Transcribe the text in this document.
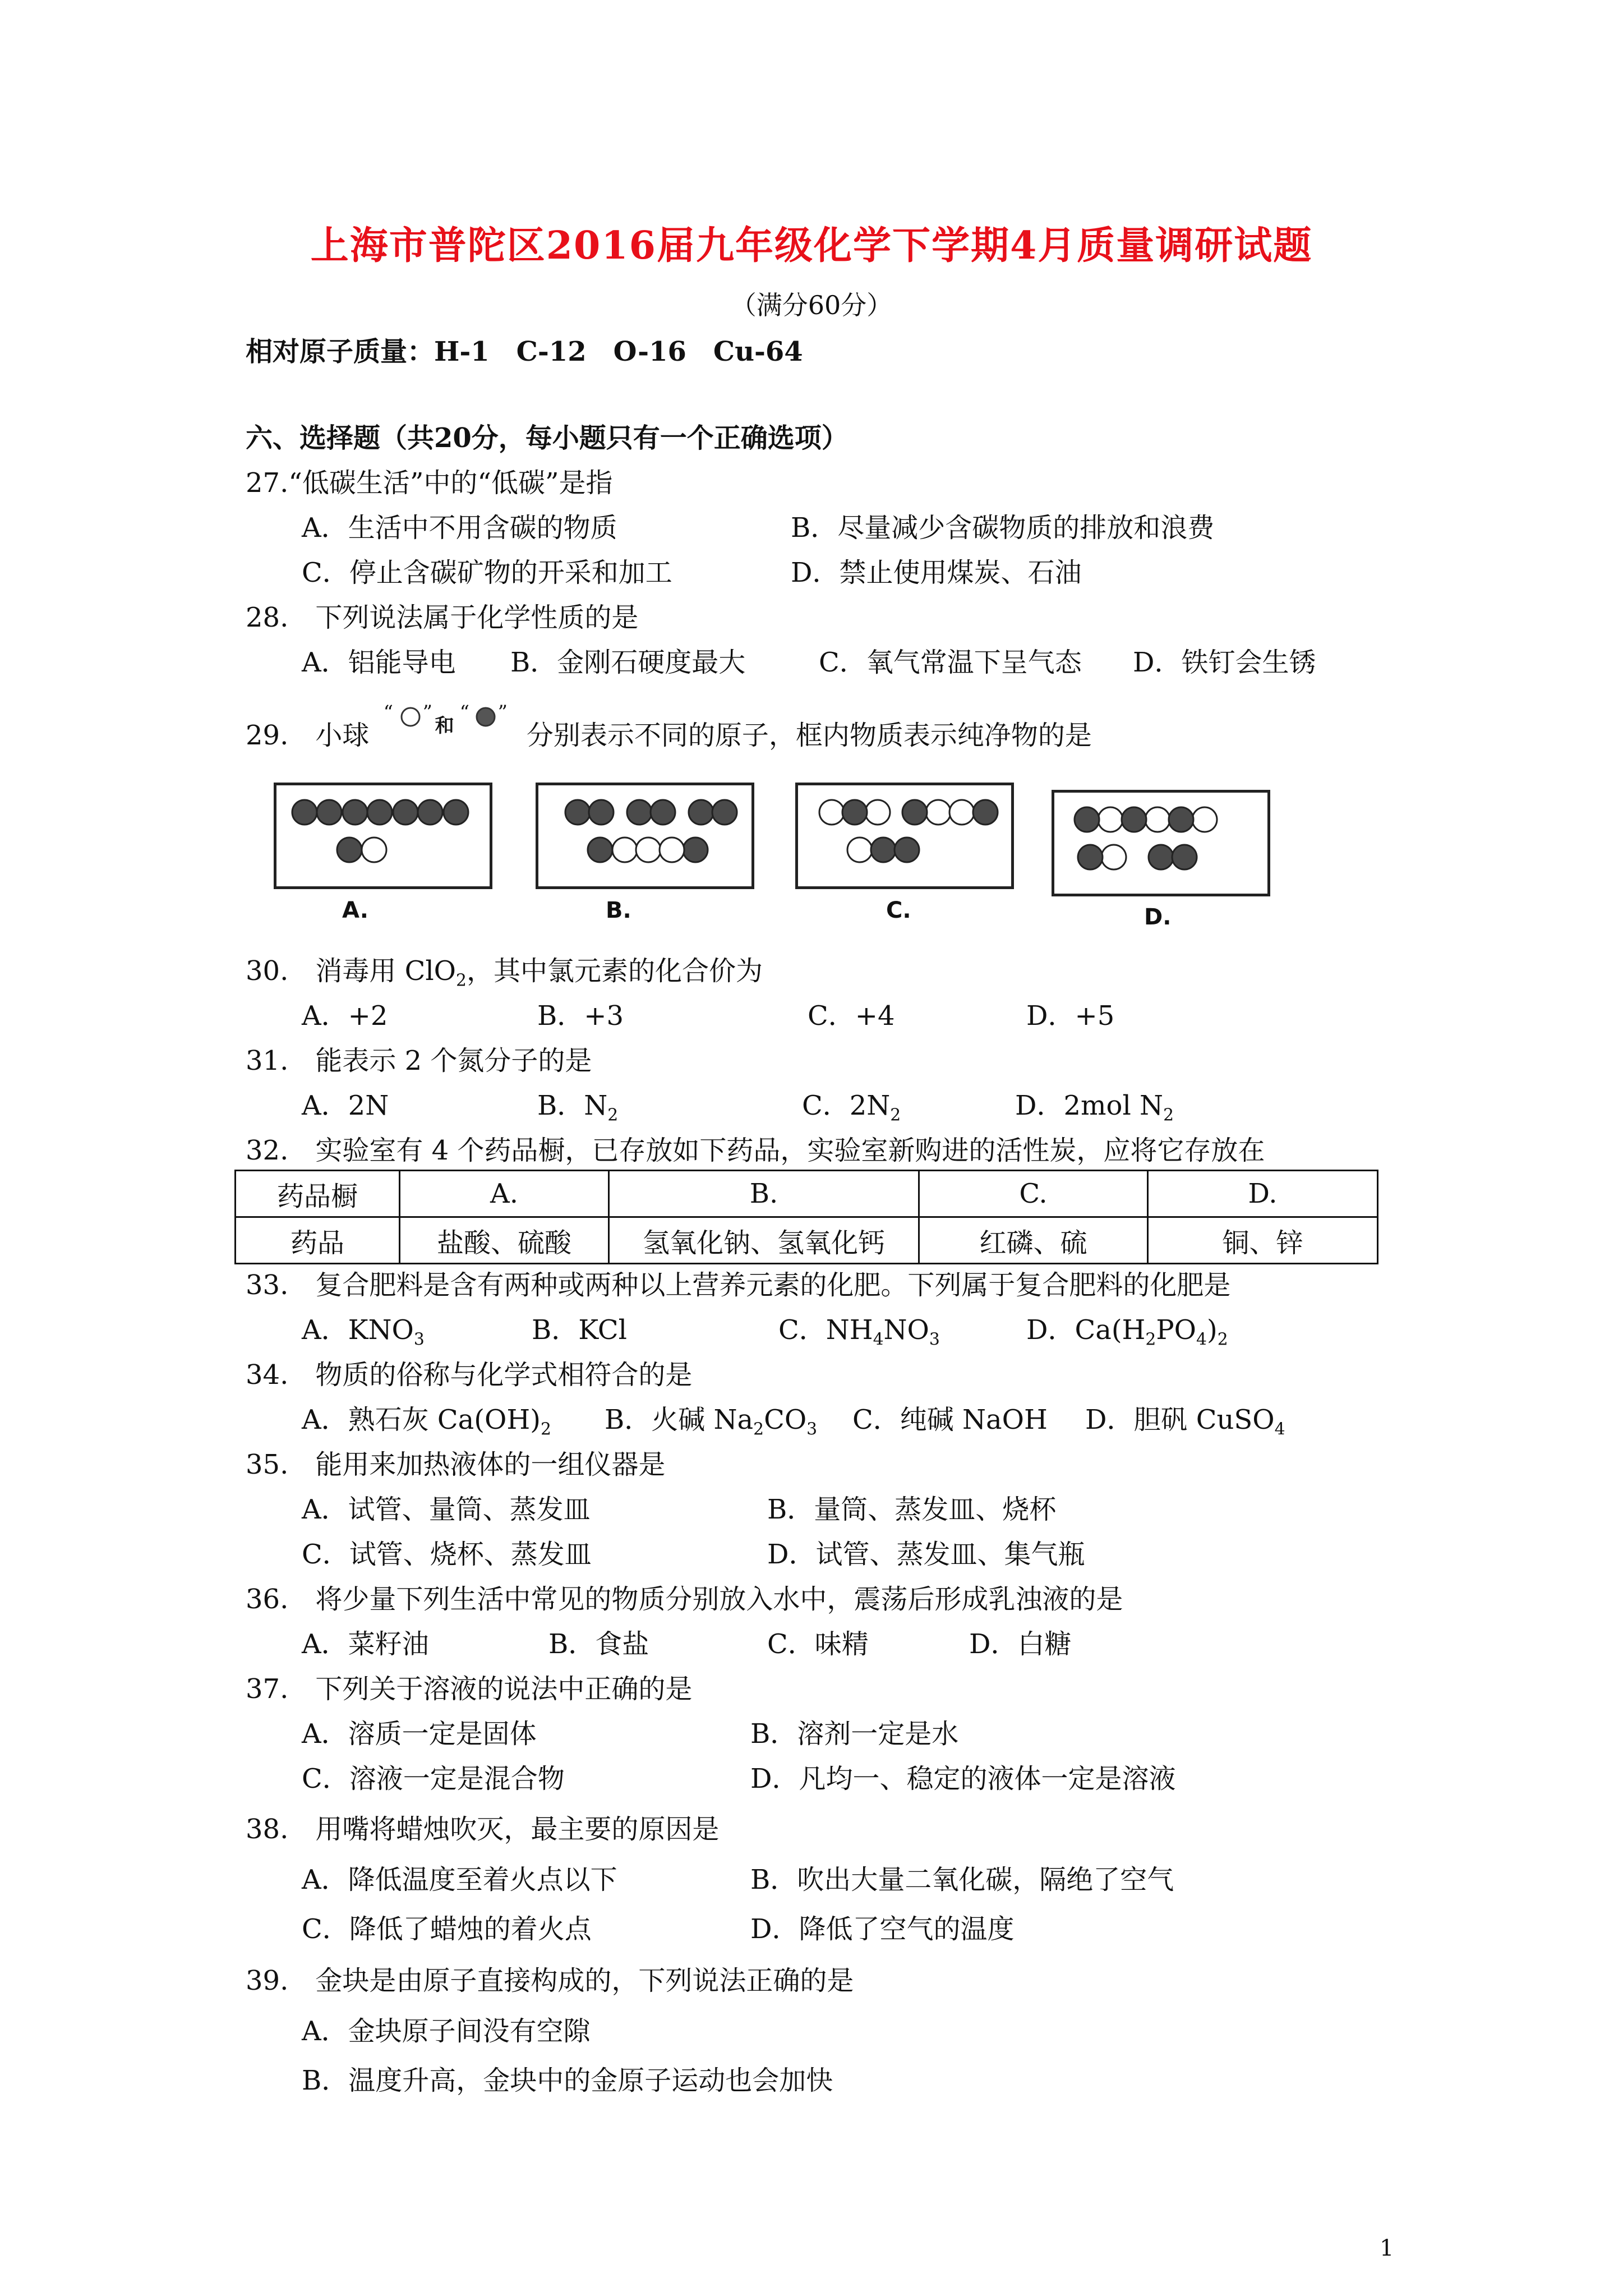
上海市普陀区2016届九年级化学下学期4月质量调研试题
（满分60分）
相对原子质量：H-1　C-12　O-16　Cu-64
六、选择题（共20分，每小题只有一个正确选项）
27.“低碳生活”中的“低碳”是指
A．生活中不用含碳的物质	B．尽量减少含碳物质的排放和浪费
C．停止含碳矿物的开采和加工	D．禁止使用煤炭、石油
28.　下列说法属于化学性质的是
A．铝能导电 B．金刚石硬度最大	C．氧气常温下呈气态 D．铁钉会生锈
29.　小球
“ ”
和
“ ”
分别表示不同的原子，框内物质表示纯净物的是
A.	B.	C.	D.
30.　消毒用 ClO$_2$，其中氯元素的化合价为
A．+2	B．+3	C．+4	D．+5
31.　能表示 2 个氮分子的是
A．2N	B．$N_2$	C．$2N_2$	D．2mol $N_2$
32.　实验室有 4 个药品橱，已存放如下药品，实验室新购进的活性炭，应将它存放在
药品橱	A.	B.	C.	D.
药品	盐酸、硫酸	氢氧化钠、氢氧化钙	红磷、硫	铜、锌
33.　复合肥料是含有两种或两种以上营养元素的化肥。下列属于复合肥料的化肥是
A．$KNO_3$	B．KCl	C．$NH_4NO_3$	D．$Ca(H_2PO_4)_2$
34.　物质的俗称与化学式相符合的是
A．熟石灰 $Ca(OH)_2$ B．火碱 $Na_2CO_3$ C．纯碱 NaOH D．胆矾 CuSO$_4$
35.　能用来加热液体的一组仪器是
A．试管、量筒、蒸发皿	B．量筒、蒸发皿、烧杯
C．试管、烧杯、蒸发皿	D．试管、蒸发皿、集气瓶
36.　将少量下列生活中常见的物质分别放入水中，震荡后形成乳浊液的是
A．菜籽油	B．食盐	C．味精	D．白糖
37.　下列关于溶液的说法中正确的是
A．溶质一定是固体	B．溶剂一定是水
C．溶液一定是混合物	D．凡均一、稳定的液体一定是溶液
38.　用嘴将蜡烛吹灭，最主要的原因是
A．降低温度至着火点以下	B．吹出大量二氧化碳，隔绝了空气
C．降低了蜡烛的着火点	D．降低了空气的温度
39.　金块是由原子直接构成的，下列说法正确的是
A．金块原子间没有空隙
B．温度升高，金块中的金原子运动也会加快
1
